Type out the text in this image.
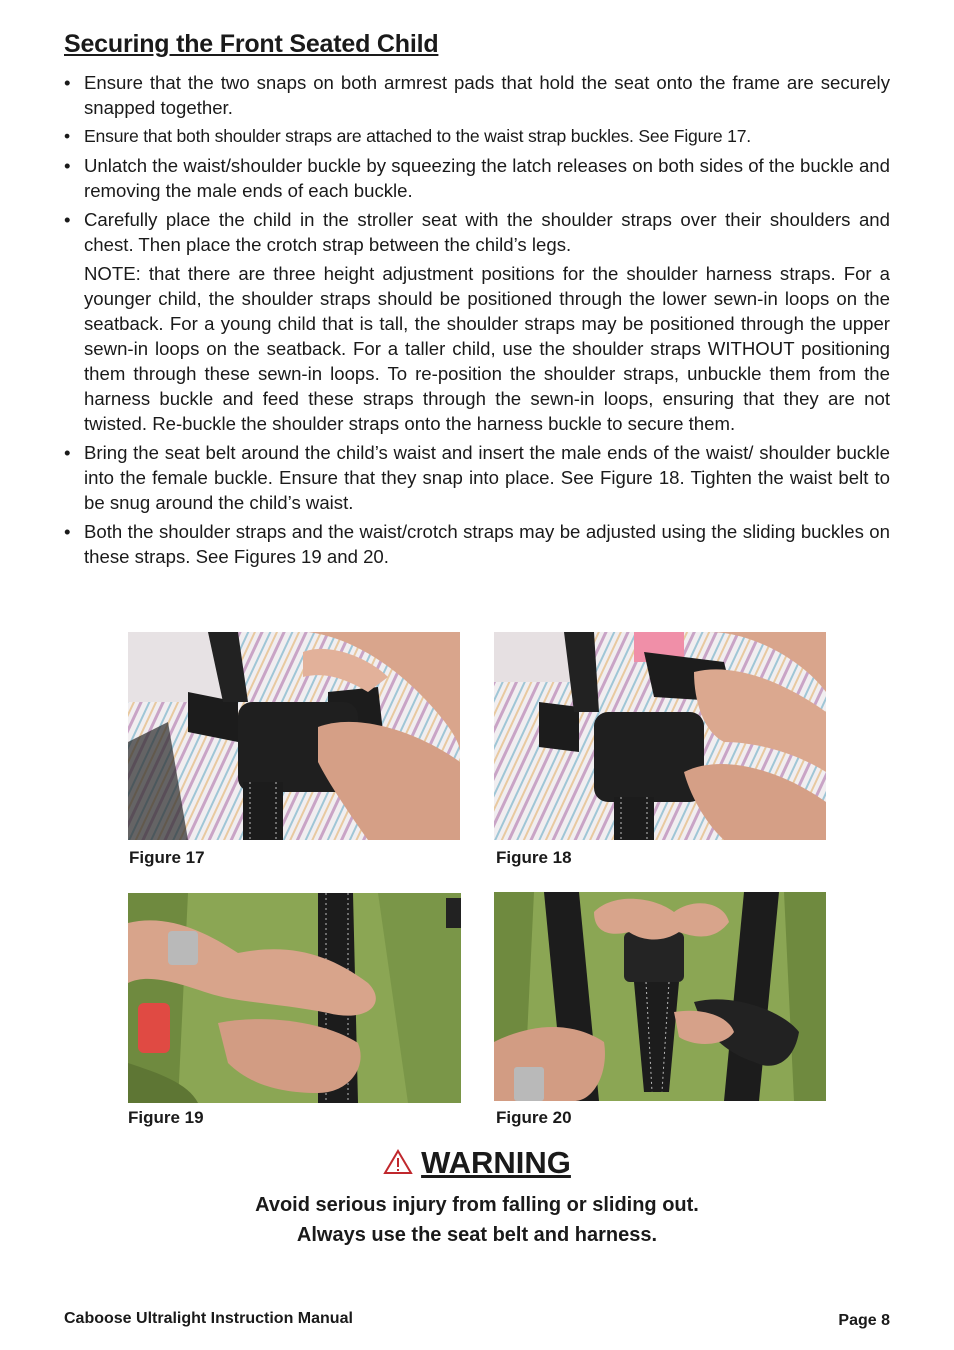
Securing the Front Seated Child
• Ensure that the two snaps on both armrest pads that hold the seat onto the frame are securely snapped together.

• Ensure that both shoulder straps are attached to the waist strap buckles. See Figure 17.

• Unlatch the waist/shoulder buckle by squeezing the latch releases on both sides of the buckle and removing the male ends of each buckle.

• Carefully place the child in the stroller seat with the shoulder straps over their shoulders and chest. Then place the crotch strap between the child’s legs.

NOTE: that there are three height adjustment positions for the shoulder harness straps. For a younger child, the shoulder straps should be positioned through the lower sewn-in loops on the seatback. For a young child that is tall, the shoulder straps may be positioned through the upper sewn-in loops on the seatback. For a taller child, use the shoulder straps WITHOUT positioning them through these sewn-in loops. To re-position the shoulder straps, unbuckle them from the harness buckle and feed these straps through the sewn-in loops, ensuring that they are not twisted. Re-buckle the shoulder straps onto the harness buckle to secure them.

• Bring the seat belt around the child’s waist and insert the male ends of the waist/ shoulder buckle into the female buckle. Ensure that they snap into place. See Figure 18. Tighten the waist belt to be snug around the child’s waist.

• Both the shoulder straps and the waist/crotch straps may be adjusted using the sliding buckles on these straps. See Figures 19 and 20.

Figure 17	Figure 18

Figure 19	Figure 20

WARNING

Avoid serious injury from falling or sliding out.

Always use the seat belt and harness.

Caboose Ultralight Instruction Manual	Page 8
